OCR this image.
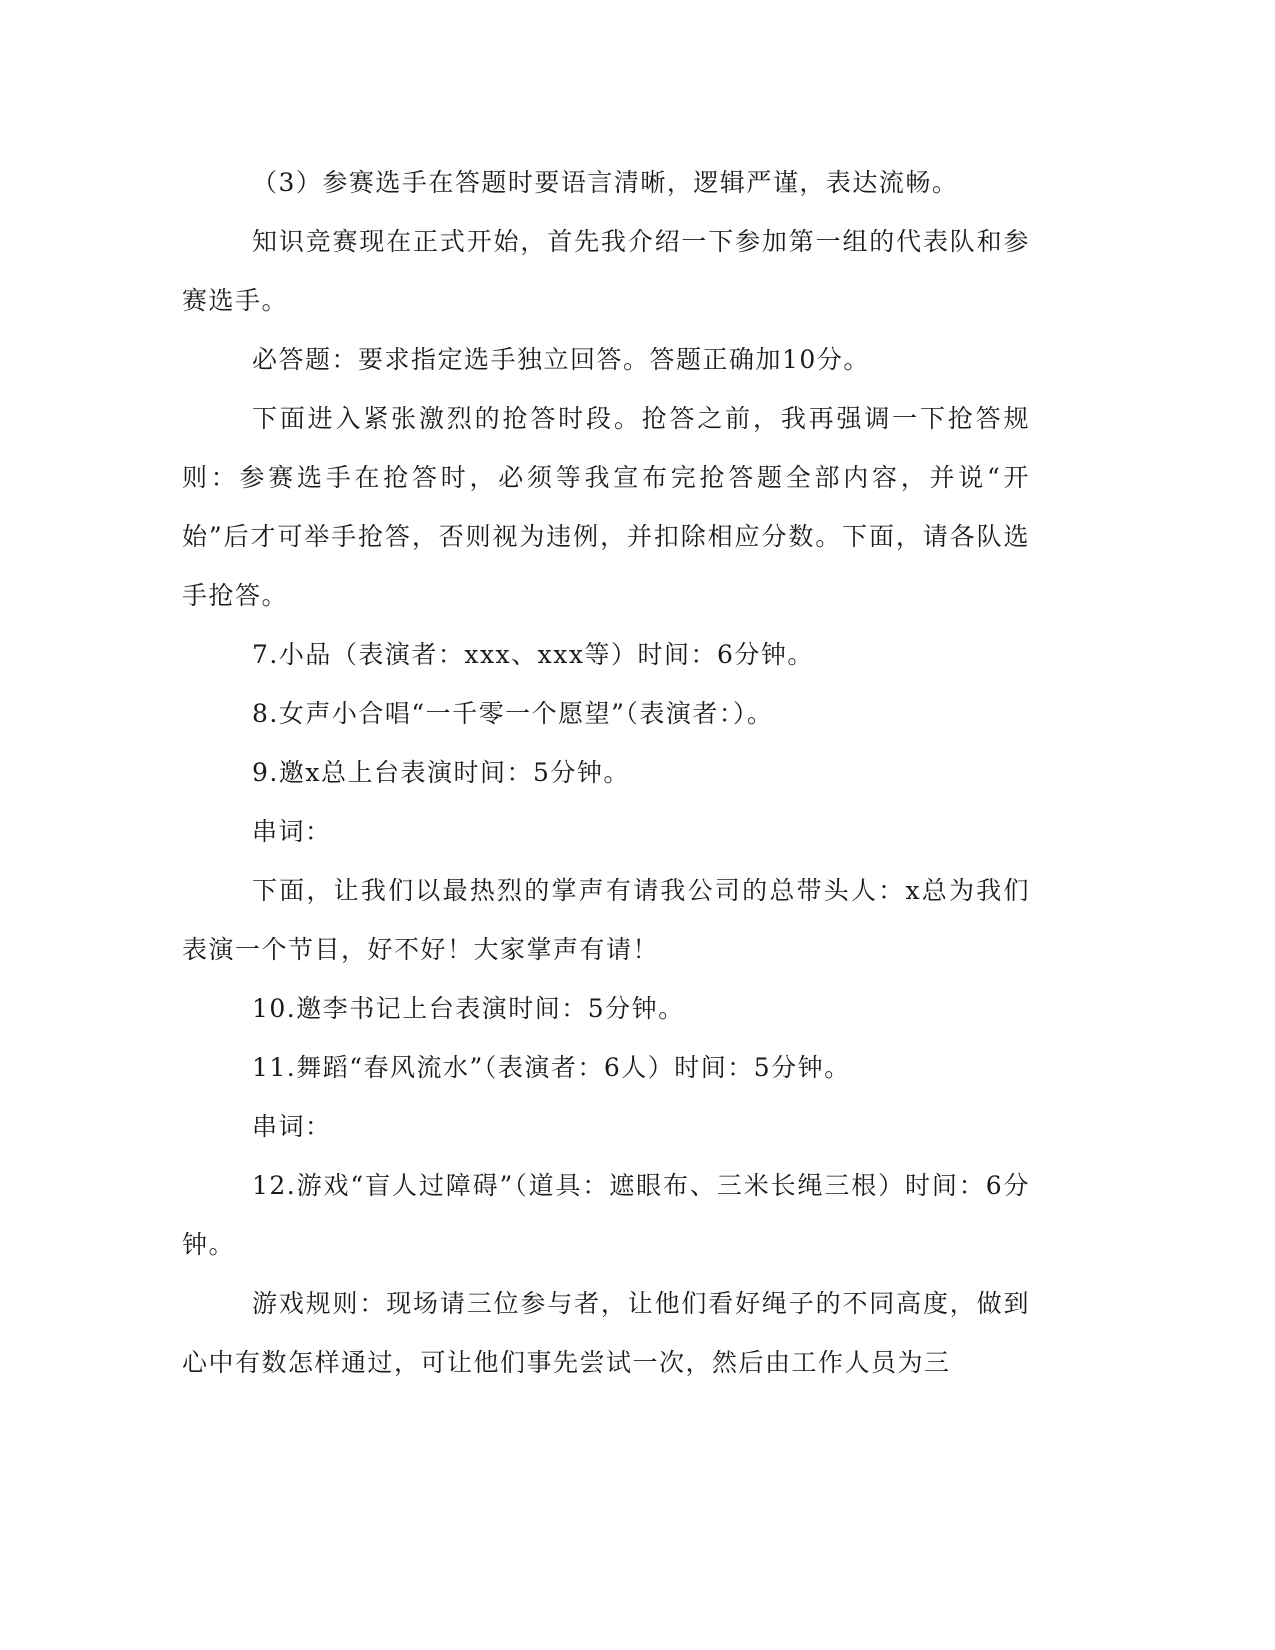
（3）参赛选手在答题时要语言清晰，逻辑严谨，表达流畅。

知识竞赛现在正式开始，首先我介绍一下参加第一组的代表队和参赛选手。

必答题：要求指定选手独立回答。答题正确加10分。

下面进入紧张激烈的抢答时段。抢答之前，我再强调一下抢答规则：参赛选手在抢答时，必须等我宣布完抢答题全部内容，并说“开始”后才可举手抢答，否则视为违例，并扣除相应分数。下面，请各队选手抢答。

7.小品（表演者：xxx、xxx等）时间：6分钟。

8.女声小合唱“一千零一个愿望”（表演者：）。

9.邀x总上台表演时间：5分钟。

串词：

下面，让我们以最热烈的掌声有请我公司的总带头人：x总为我们表演一个节目，好不好！大家掌声有请！

10.邀李书记上台表演时间：5分钟。

11.舞蹈“春风流水”（表演者：6人）时间：5分钟。

串词：

12.游戏“盲人过障碍”（道具：遮眼布、三米长绳三根）时间：6分钟。

游戏规则：现场请三位参与者，让他们看好绳子的不同高度，做到心中有数怎样通过，可让他们事先尝试一次，然后由工作人员为三
